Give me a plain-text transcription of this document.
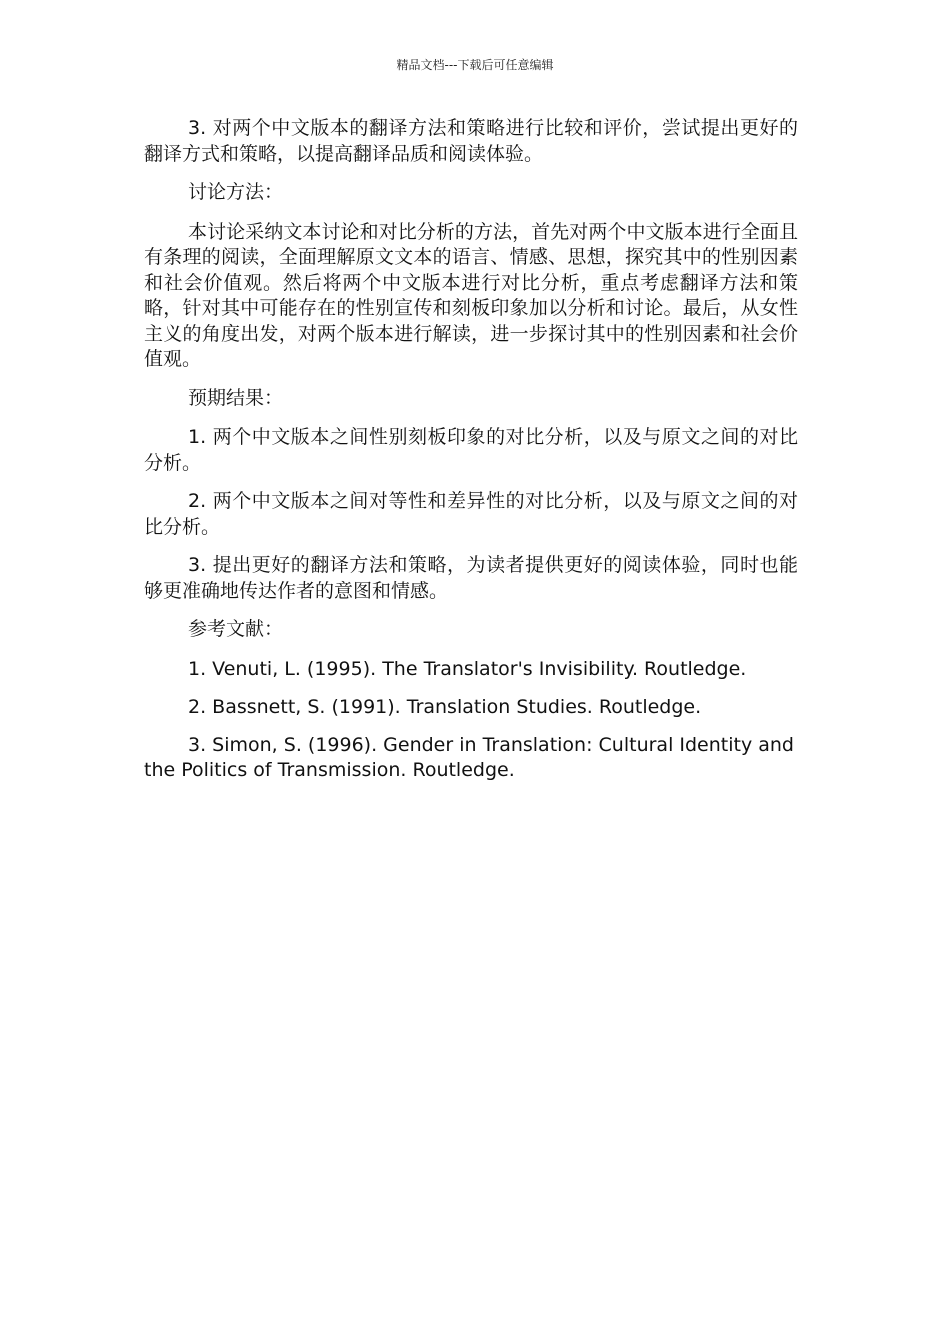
精品文档---下载后可任意编辑

3. 对两个中文版本的翻译方法和策略进行比较和评价，尝试提出更好的翻译方式和策略，以提高翻译品质和阅读体验。

讨论方法：

本讨论采纳文本讨论和对比分析的方法，首先对两个中文版本进行全面且有条理的阅读，全面理解原文文本的语言、情感、思想，探究其中的性别因素和社会价值观。然后将两个中文版本进行对比分析，重点考虑翻译方法和策略，针对其中可能存在的性别宣传和刻板印象加以分析和讨论。最后，从女性主义的角度出发，对两个版本进行解读，进一步探讨其中的性别因素和社会价值观。

预期结果：

1. 两个中文版本之间性别刻板印象的对比分析，以及与原文之间的对比分析。

2. 两个中文版本之间对等性和差异性的对比分析，以及与原文之间的对比分析。

3. 提出更好的翻译方法和策略，为读者提供更好的阅读体验，同时也能够更准确地传达作者的意图和情感。

参考文献：

1. Venuti, L. (1995). The Translator's Invisibility. Routledge.

2. Bassnett, S. (1991). Translation Studies. Routledge.

3. Simon, S. (1996). Gender in Translation: Cultural Identity and the Politics of Transmission. Routledge.
